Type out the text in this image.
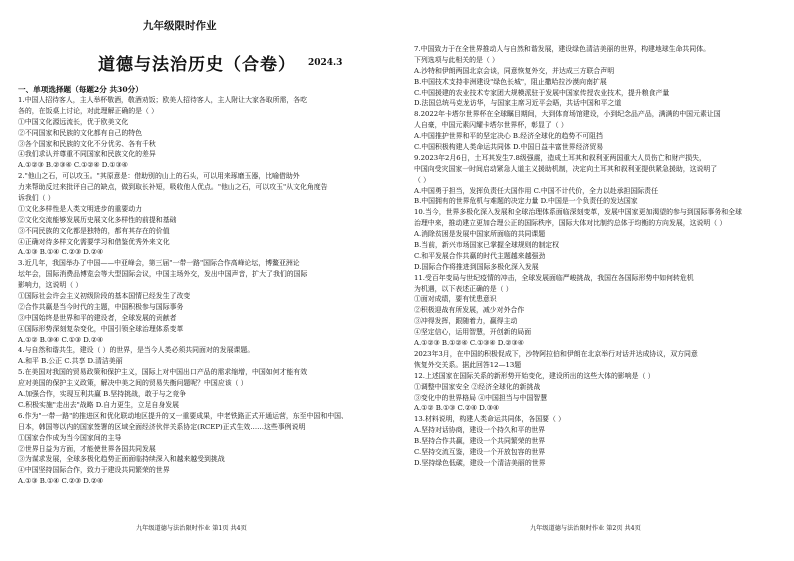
九年级限时作业
道德与法治历史（合卷） 2024.3
一、单项选择题（每题2分 共30分）
1.中国人招待客人，主人举杯敬酒，敬酒劝饭；欧美人招待客人，主人附让大家各取所需，各吃
各的，在饭桌上讨论，对此理解正确的是（ ）
①中国文化源远流长，优于欧美文化
②不同国家和民族的文化都有自己的特色
③各个国家和民族的文化不分优劣、各有千秋
④我们求认并尊重不同国家和民族文化的差异
A.①②③ B.②③④ C.①②④ D.①③④
2."他山之石，可以攻玉。"其原意是：借助别的山上的石头，可以用来琢磨玉器，比喻借助外
力来帮助反过来批评自己的缺点，做到取长补短，吸收他人优点。"他山之石，可以攻玉"从文化角度告
诉我们（ ）
①文化多样性是人类文明进步的重要动力
②文化交流能够发展历史展文化多样性的前提和基础
③不同民族的文化都是独特的，都有其存在的价值
④正确对待多样文化需要学习和借鉴优秀外来文化
A.①③ B.①④ C.②③ D.②④
3.近几年，我国举办了中国——中亚峰会，第三届"一带一路"国际合作高峰论坛，博鳌亚洲论
坛年会，国际消费品博览会等大型国际会议，中国主场外交，发出中国声音，扩大了我们的国际
影响力，这说明（ ）
①国际社会许会主义初级阶段的基本国情已经发生了改变
②合作共赢是当今时代的主题，中国积极参与国际事务
③中国始终是世界和平的建设者，全球发展的贡献者
④国际形势深刻复杂变化，中国引领全球治理体系变革
A.①② B.③④ C.①③ D.②④
4.与自然和谐共生，建设（ ）的世界，是当今人类必须共同面对的发展课题。
A.和平 B.公正 C.共享 D.清洁美丽
5.在美国对我国的贸易政策和保护主义，国际上对中国出口产品的需求缩增，中国如何才能有效
应对美国的保护主义政策，解决中美之间的贸易失衡问题呢？中国应该（ ）
A.加强合作，实现互利共赢 B.坚持挑战，敢于与之竞争
C.积极实施"走出去"战略 D.自力更生，立足自身发展
6.作为"一带一路"的推进区和优化联动地区提升的又一重要成果，中老铁路正式开通运营，东至中国和中国、
日本，韩国等以内的国家签署的区域全面经济伙伴关系协定(RCEP)正式生效……这些事例说明
①国家合作成为当今国家间的主导
②世界日益为方面，才能使世界各国共同发展
③为谋求发展，全球多极化趋势正面面临持续深入和越来越受到挑战
④中国坚持国际合作，致力于建设共同繁荣的世界
A.①③ B.①④ C.②③ D.②④
九年级道德与法治限时作业 第1页 共4页
7.中国致力于在全世界推动人与自然和谐发展，建设绿色清洁美丽的世界，构建地球生命共同体。
下列选项与此相关的是（ ）
A.沙特和伊朗两国北京会谈，同意恢复外交，并达成三方联合声明
B.中国技术支持非洲建设"绿色长城"，阻止撒哈拉沙漠向南扩展
C.中国援建的农业技术专家团大规模派驻于发展中国家传授农业技术，提升粮食产量
D.法国总统马克龙访华，与国家主席习近平会晤，共话中国和平之道
8.2022年卡塔尔世界杯在全球瞩目期间，大到体育场馆建设，小到纪念品产品，满满的中国元素让国
人自豪，中国元素闪耀卡塔尔世界杯，彰显了（ ）
A.中国推护世界和平的坚定决心 B.经济全球化的趋势不可阻挡
C.中国积极构建人类命运共同体 D.中国日益丰富世界经济贸易
9.2023年2月6日，土耳其发生7.8级强震，造成土耳其和叙利亚两国重大人员伤亡和财产损失，
中国向受灾国家一时间启动紧急人道主义援助机制，决定向土耳其和叙利亚提供紧急援助，这说明了
（ ）
A.中国勇于担当，发挥负责任大国作用 C.中国不计代价，全力以赴承担国际责任
B.中国拥有的世界危机与难题的决定力量 D.中国是一个负责任的发达国家
10.当今，世界多极化深入发展和全球治理体系面临深刻变革，发展中国家更加渴望的参与到国际事务和全球
治理中来，推动建立更加合理公正的国际秩序，国际大体对比制约总体于均衡的方向发展，这说明（ ）
A.消除贫困是发展中国家所面临的共同课题
B.当前，新兴市场国家已掌握全球规则的制定权
C.和平发展合作共赢的时代主题越来越强劲
D.国际合作将推进到国际多极化深入发展
11.受百年变局与世纪疫情的冲击，全球发展面临严峻挑战，我国在各国际形势中如何转危机
为机遇，以下表述正确的是（ ）
①面对成绩，要有忧患意识
②积极迎战有所发展，减少对外合作
③冲得发挥，跟随着力，赢得主动
④坚定信心，运用智慧，开创新的局面
A.①②③ B.①②④ C.①③④ D.②③④
2023年3月，在中国的积极促成下，沙特阿拉伯和伊朗在北京举行对话并达成协议，双方同意
恢复外交关系。据此回答12—13题
12.上述国家在国际关系的新形势开始变化，建设所出的这些大体的影响是（ ）
①调整中国家安全 ②经济全球化的新挑战
③变化中的世界格局 ④中国担当与中国智慧
A.①② B.①③ C.②④ D.③④
13.材料说明，构建人类命运共同体，各国要（ ）
A.坚持对话协商，建设一个持久和平的世界
B.坚持合作共赢，建设一个共同繁荣的世界
C.坚持交流互鉴，建设一个开放包容的世界
D.坚持绿色低碳，建设一个清洁美丽的世界
九年级道德与法治限时作业 第2页 共4页
